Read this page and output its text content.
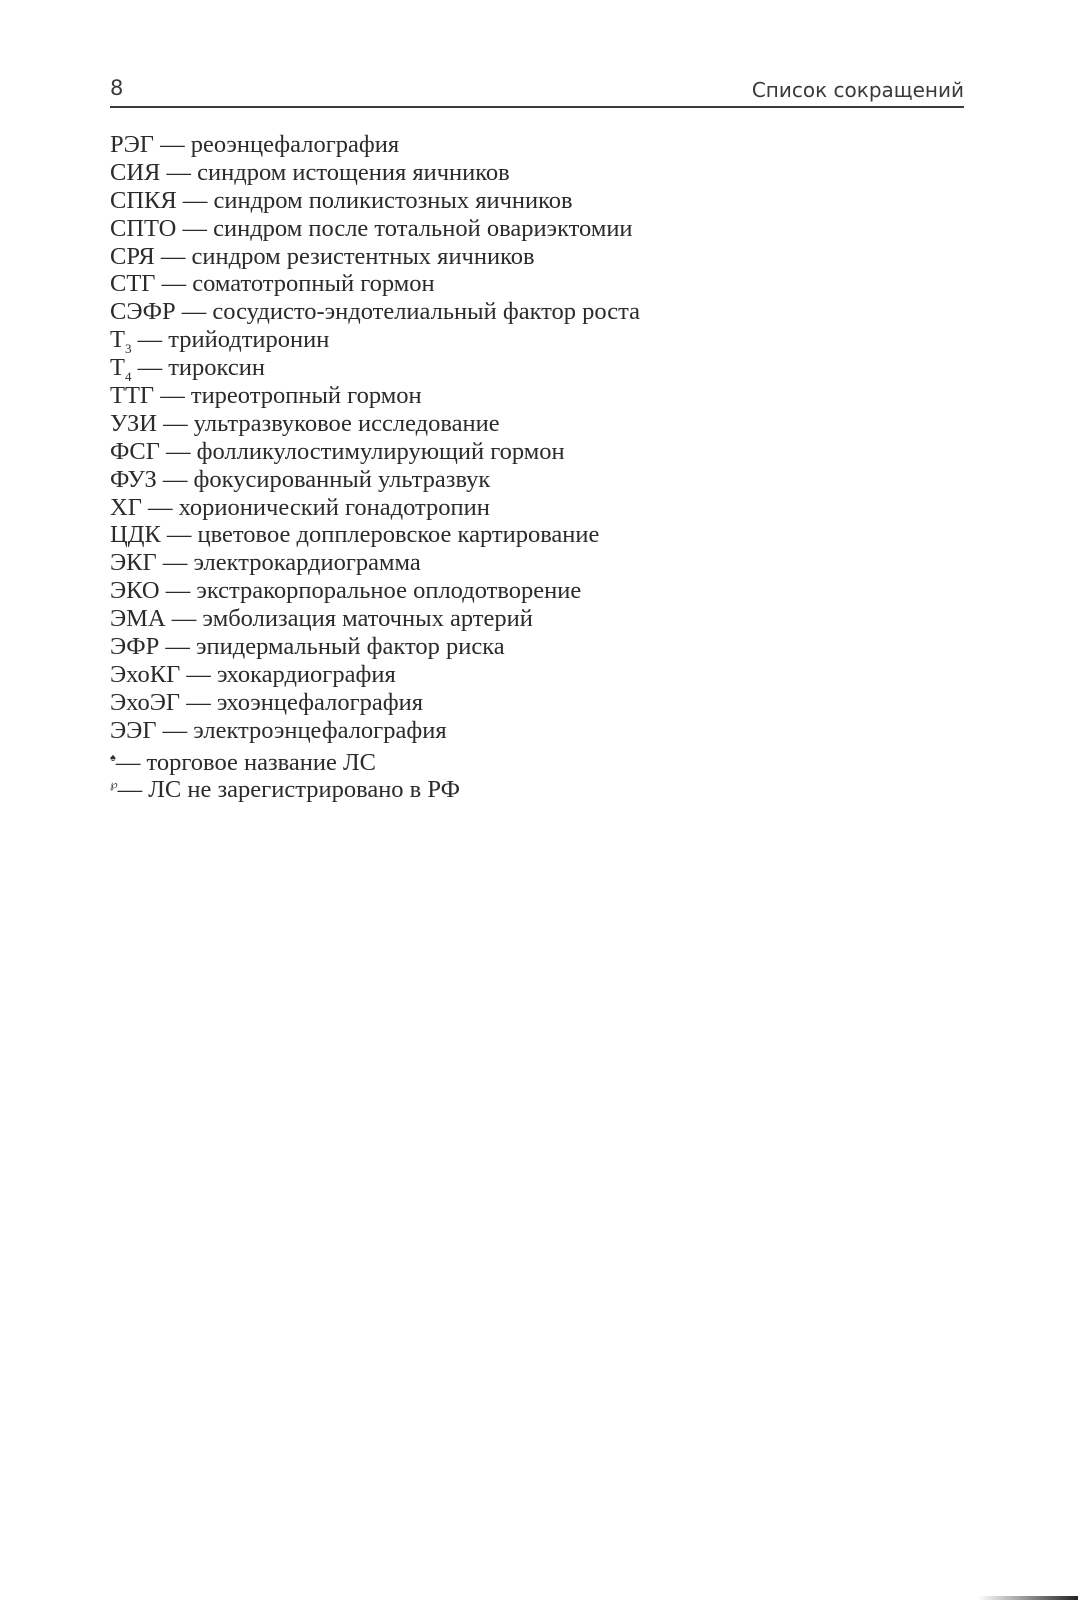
8	Список сокращений
РЭГ — реоэнцефалография
СИЯ — синдром истощения яичников
СПКЯ — синдром поликистозных яичников
СПТО — синдром после тотальной овариэктомии
СРЯ — синдром резистентных яичников
СТГ — соматотропный гормон
СЭФР — сосудисто-эндотелиальный фактор роста
$Т_3$ — трийодтиронин
$Т_4$ — тироксин
ТТГ — тиреотропный гормон
УЗИ — ультразвуковое исследование
ФСГ — фолликулостимулирующий гормон
ФУЗ — фокусированный ультразвук
ХГ — хорионический гонадотропин
ЦДК — цветовое допплеровское картирование
ЭКГ — электрокардиограмма
ЭКО — экстракорпоральное оплодотворение
ЭМА — эмболизация маточных артерий
ЭФР — эпидермальный фактор риска
ЭхоКГ — эхокардиография
ЭхоЭГ — эхоэнцефалография
ЭЭГ — электроэнцефалография
♠— торговое название ЛС
℘— ЛС не зарегистрировано в РФ
